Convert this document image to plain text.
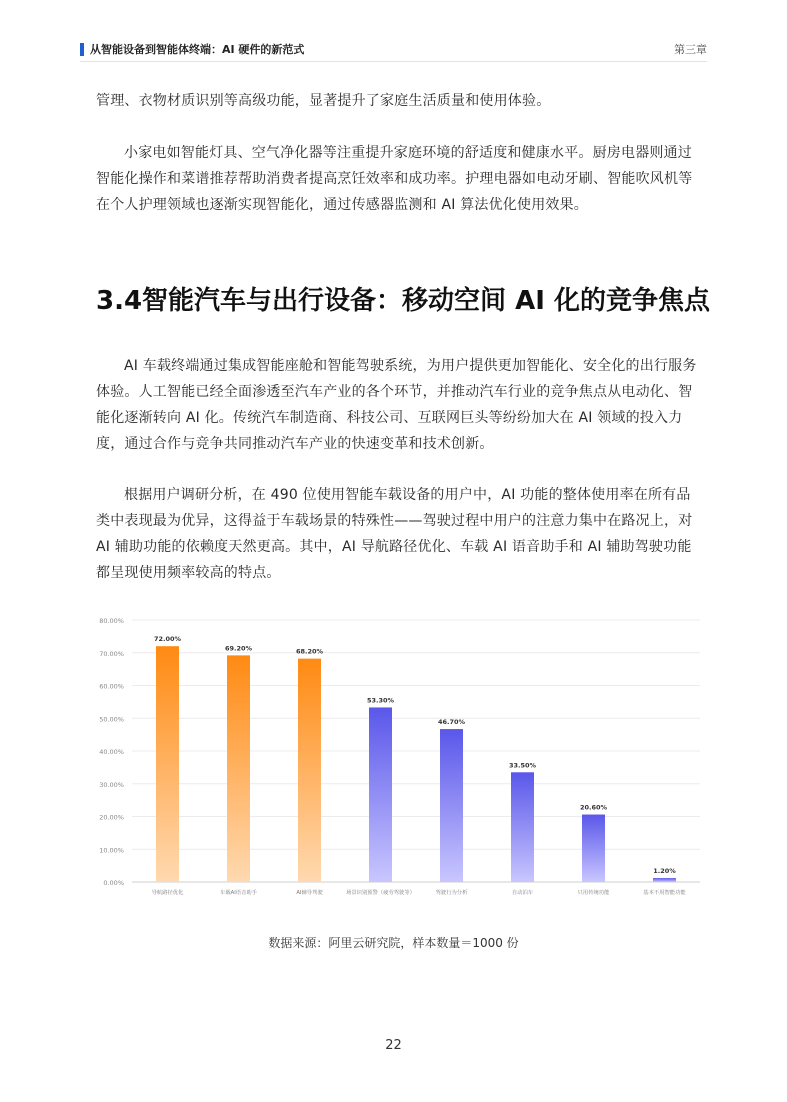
从智能设备到智能体终端：AI 硬件的新范式	第三章

管理、衣物材质识别等高级功能，显著提升了家庭生活质量和使用体验。

小家电如智能灯具、空气净化器等注重提升家庭环境的舒适度和健康水平。厨房电器则通过智能化操作和菜谱推荐帮助消费者提高烹饪效率和成功率。护理电器如电动牙刷、智能吹风机等在个人护理领域也逐渐实现智能化，通过传感器监测和 AI 算法优化使用效果。

3.4智能汽车与出行设备：移动空间 AI 化的竞争焦点

AI 车载终端通过集成智能座舱和智能驾驶系统，为用户提供更加智能化、安全化的出行服务体验。人工智能已经全面渗透至汽车产业的各个环节，并推动汽车行业的竞争焦点从电动化、智能化逐渐转向 AI 化。传统汽车制造商、科技公司、互联网巨头等纷纷加大在 AI 领域的投入力度，通过合作与竞争共同推动汽车产业的快速变革和技术创新。

根据用户调研分析，在 490 位使用智能车载设备的用户中，AI 功能的整体使用率在所有品类中表现最为优异，这得益于车载场景的特殊性——驾驶过程中用户的注意力集中在路况上，对 AI 辅助功能的依赖度天然更高。其中，AI 导航路径优化、车载 AI 语音助手和 AI 辅助驾驶功能都呈现使用频率较高的特点。

0.00%
10.00%
20.00%
30.00%
40.00%
50.00%
60.00%
70.00%
80.00%
72.00%
导航路径优化
69.20%
车载AI语音助手
68.20%
AI辅导驾驶
53.30%
场景识别预警（疲劳驾驶等）
46.70%
驾驶行为分析
33.50%
自动泊车
20.60%
只用传统功能
1.20%
基本不用智能功能
数据来源：阿里云研究院，样本数量＝1000 份
22
